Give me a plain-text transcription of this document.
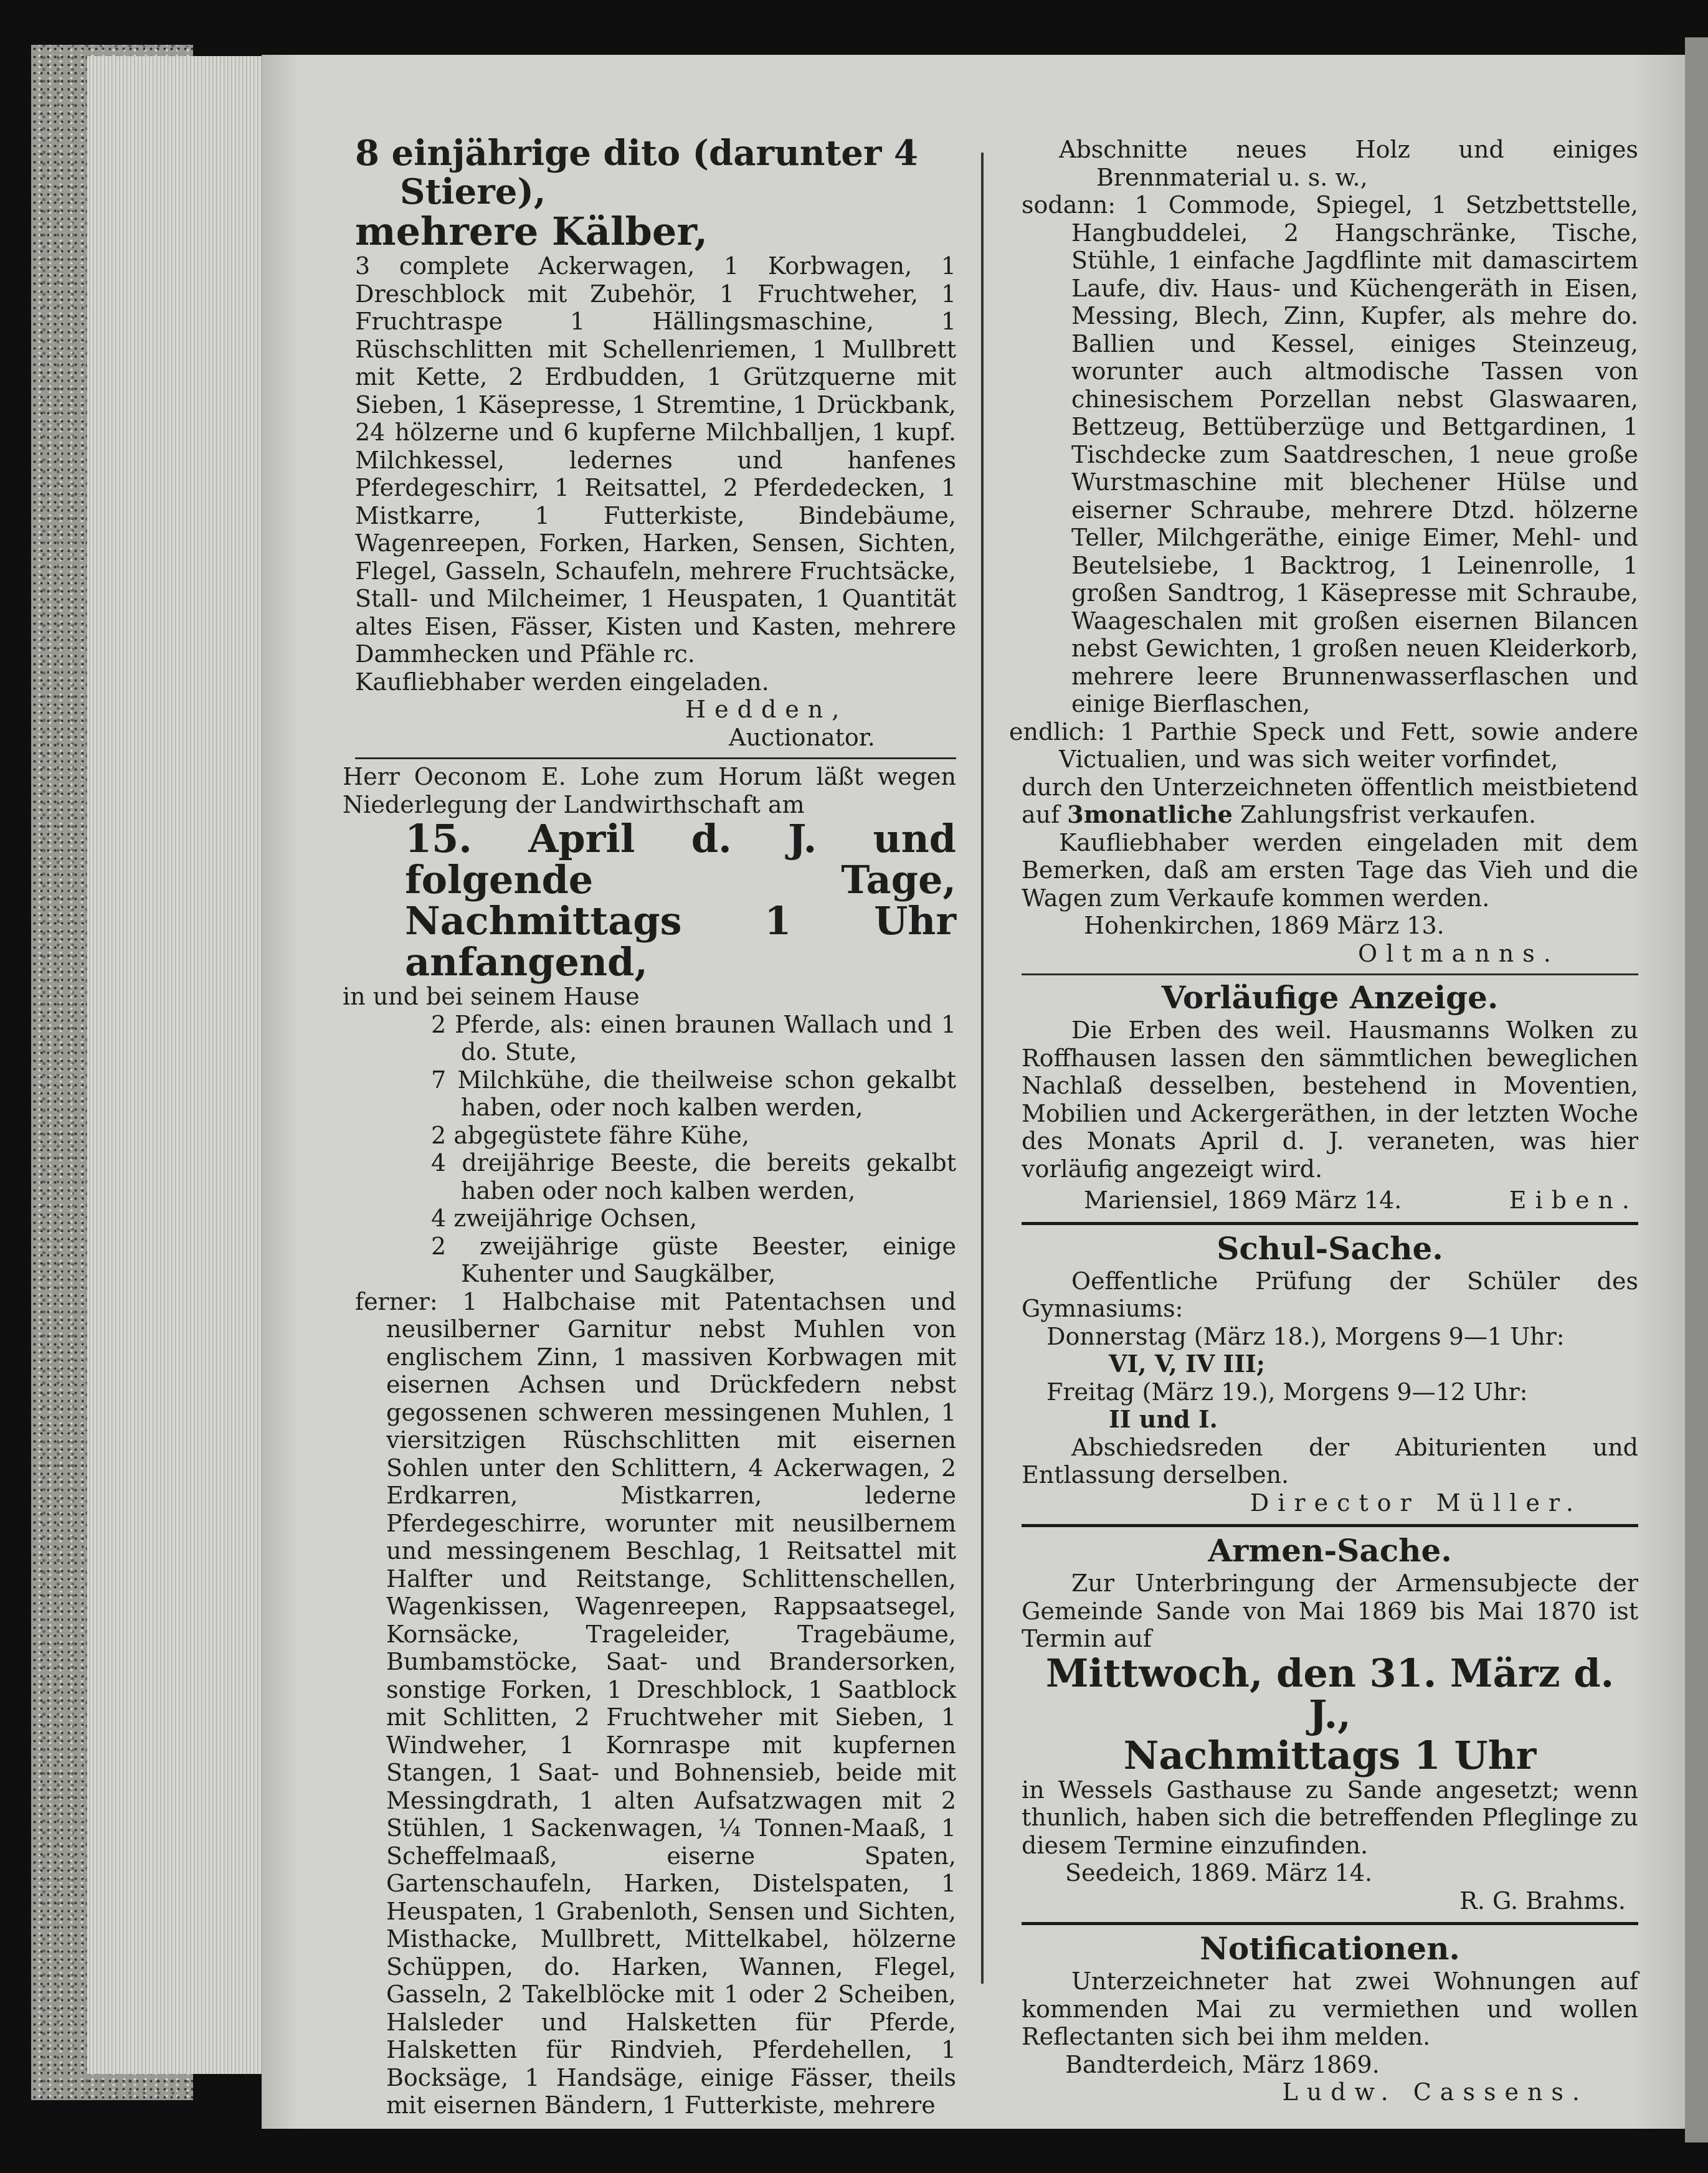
8 einjährige dito (darunter 4 Stiere),
mehrere Kälber,
3 complete Ackerwagen, 1 Korbwagen, 1 Dreschblock mit Zubehör, 1 Fruchtweher, 1 Fruchtraspe 1 Hällingsmaschine, 1 Rüschschlitten mit Schellenriemen, 1 Mullbrett mit Kette, 2 Erdbudden, 1 Grützquerne mit Sieben, 1 Käsepresse, 1 Stremtine, 1 Drückbank, 24 hölzerne und 6 kupferne Milchballjen, 1 kupf. Milchkessel, ledernes und hanfenes Pferdegeschirr, 1 Reitsattel, 2 Pferdedecken, 1 Mistkarre, 1 Futterkiste, Bindebäume, Wagenreepen, Forken, Harken, Sensen, Sichten, Flegel, Gasseln, Schaufeln, mehrere Fruchtsäcke, Stall- und Milcheimer, 1 Heuspaten, 1 Quantität altes Eisen, Fässer, Kisten und Kasten, mehrere Dammhecken und Pfähle rc.
Kaufliebhaber werden eingeladen.
Hedden,
Auctionator.
Herr Oeconom E. Lohe zum Horum läßt wegen Niederlegung der Landwirthschaft am
15. April d. J. und folgende Tage, Nachmittags 1 Uhr anfangend,
in und bei seinem Hause
2 Pferde, als: einen braunen Wallach und 1 do. Stute,
7 Milchkühe, die theilweise schon gekalbt haben, oder noch kalben werden,
2 abgegüstete fähre Kühe,
4 dreijährige Beeste, die bereits gekalbt haben oder noch kalben werden,
4 zweijährige Ochsen,
2 zweijährige güste Beester, einige Kuhenter und Saugkälber,
ferner: 1 Halbchaise mit Patentachsen und neusilberner Garnitur nebst Muhlen von englischem Zinn, 1 massiven Korbwagen mit eisernen Achsen und Drückfedern nebst gegossenen schweren messingenen Muhlen, 1 viersitzigen Rüschschlitten mit eisernen Sohlen unter den Schlittern, 4 Ackerwagen, 2 Erdkarren, Mistkarren, lederne Pferdegeschirre, worunter mit neusilbernem und messingenem Beschlag, 1 Reitsattel mit Halfter und Reitstange, Schlittenschellen, Wagenkissen, Wagenreepen, Rappsaatsegel, Kornsäcke, Trageleider, Tragebäume, Bumbamstöcke, Saat- und Brandersorken, sonstige Forken, 1 Dreschblock, 1 Saatblock mit Schlitten, 2 Fruchtweher mit Sieben, 1 Windweher, 1 Kornraspe mit kupfernen Stangen, 1 Saat- und Bohnensieb, beide mit Messingdrath, 1 alten Aufsatzwagen mit 2 Stühlen, 1 Sackenwagen, ¼ Tonnen-Maaß, 1 Scheffelmaaß, eiserne Spaten, Gartenschaufeln, Harken, Distelspaten, 1 Heuspaten, 1 Grabenloth, Sensen und Sichten, Misthacke, Mullbrett, Mittelkabel, hölzerne Schüppen, do. Harken, Wannen, Flegel, Gasseln, 2 Takelblöcke mit 1 oder 2 Scheiben, Halsleder und Halsketten für Pferde, Halsketten für Rindvieh, Pferdehellen, 1 Bocksäge, 1 Handsäge, einige Fässer, theils mit eisernen Bändern, 1 Futterkiste, mehrere
Abschnitte neues Holz und einiges Brennmaterial u. s. w.,
sodann: 1 Commode, Spiegel, 1 Setzbettstelle, Hangbuddelei, 2 Hangschränke, Tische, Stühle, 1 einfache Jagdflinte mit damascirtem Laufe, div. Haus- und Küchengeräth in Eisen, Messing, Blech, Zinn, Kupfer, als mehre do. Ballien und Kessel, einiges Steinzeug, worunter auch altmodische Tassen von chinesischem Porzellan nebst Glaswaaren, Bettzeug, Bettüberzüge und Bettgardinen, 1 Tischdecke zum Saatdreschen, 1 neue große Wurstmaschine mit blechener Hülse und eiserner Schraube, mehrere Dtzd. hölzerne Teller, Milchgeräthe, einige Eimer, Mehl- und Beutelsiebe, 1 Backtrog, 1 Leinenrolle, 1 großen Sandtrog, 1 Käsepresse mit Schraube, Waageschalen mit großen eisernen Bilancen nebst Gewichten, 1 großen neuen Kleiderkorb, mehrere leere Brunnenwasserflaschen und einige Bierflaschen,
endlich: 1 Parthie Speck und Fett, sowie andere Victualien, und was sich weiter vorfindet,
durch den Unterzeichneten öffentlich meistbietend auf 3monatliche Zahlungsfrist verkaufen.
Kaufliebhaber werden eingeladen mit dem Bemerken, daß am ersten Tage das Vieh und die Wagen zum Verkaufe kommen werden.
Hohenkirchen, 1869 März 13.
Oltmanns.
Vorläufige Anzeige.
Die Erben des weil. Hausmanns Wolken zu Roffhausen lassen den sämmtlichen beweglichen Nachlaß desselben, bestehend in Moventien, Mobilien und Ackergeräthen, in der letzten Woche des Monats April d. J. veraneten, was hier vorläufig angezeigt wird.
Mariensiel, 1869 März 14.	Eiben.
Schul-Sache.
Oeffentliche Prüfung der Schüler des Gymnasiums:
Donnerstag (März 18.), Morgens 9—1 Uhr:
VI, V, IV III;
Freitag (März 19.), Morgens 9—12 Uhr:
II und I.
Abschiedsreden der Abiturienten und Entlassung derselben.
Director Müller.
Armen-Sache.
Zur Unterbringung der Armensubjecte der Gemeinde Sande von Mai 1869 bis Mai 1870 ist Termin auf
Mittwoch, den 31. März d. J.,
Nachmittags 1 Uhr
in Wessels Gasthause zu Sande angesetzt; wenn thunlich, haben sich die betreffenden Pfleglinge zu diesem Termine einzufinden.
Seedeich, 1869. März 14.
R. G. Brahms.
Notificationen.
Unterzeichneter hat zwei Wohnungen auf kommenden Mai zu vermiethen und wollen Reflectanten sich bei ihm melden.
Bandterdeich, März 1869.
Ludw. Cassens.
